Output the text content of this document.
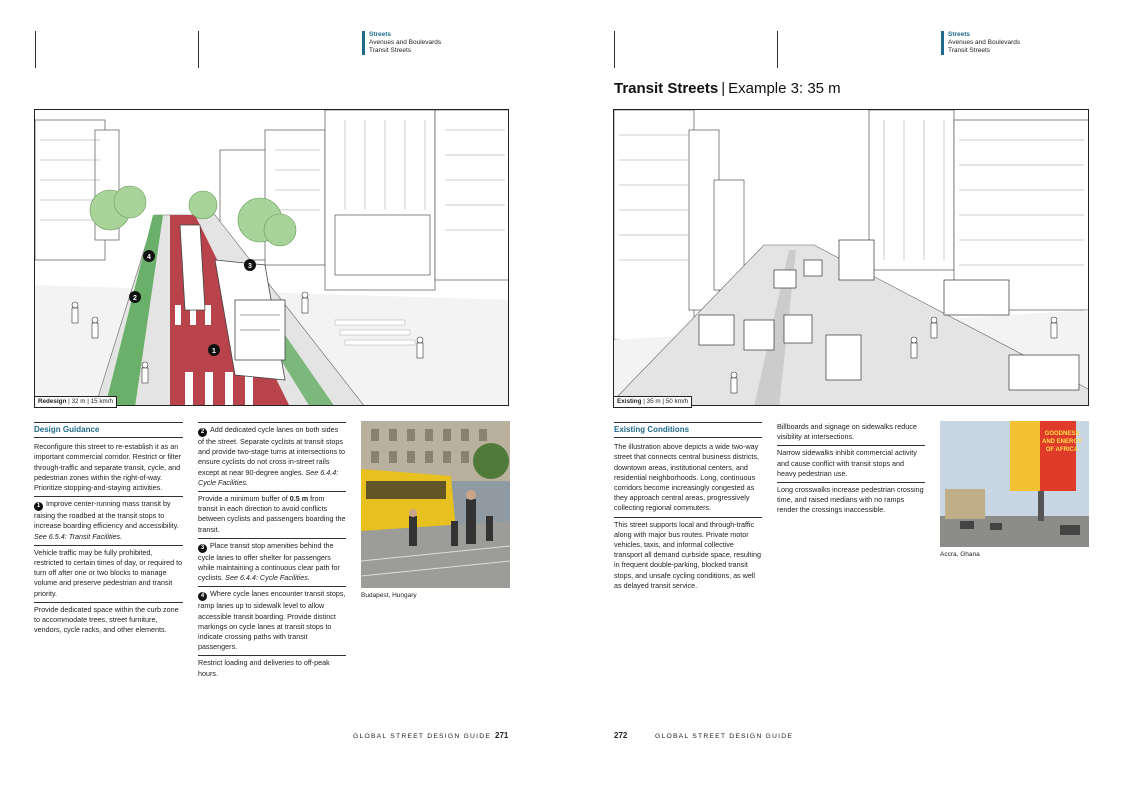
Streets
Avenues and Boulevards
Transit Streets
Streets
Avenues and Boulevards
Transit Streets
Transit Streets | Example 3: 35 m
1
2
3
4
Redesign | 32 m | 15 km/h	Existing | 35 m | 50 km/h
Design Guidance

Reconfigure this street to re-establish it as an important commercial corridor. Restrict or filter through-traffic and separate transit, cycle, and pedestrian zones within the right-of-way. Prioritize stopping-and-staying activities.

1 Improve center-running mass transit by raising the roadbed at the transit stops to increase boarding efficiency and accessibility. See 6.5.4: Transit Facilities.

Vehicle traffic may be fully prohibited, restricted to certain times of day, or required to turn off after one or two blocks to manage volume and preserve pedestrian and transit priority.

Provide dedicated space within the curb zone to accommodate trees, street furniture, vendors, cycle racks, and other elements.

2 Add dedicated cycle lanes on both sides of the street. Separate cyclists at transit stops and provide two-stage turns at intersections to ensure cyclists do not cross in-street rails except at near 90-degree angles. See 6.4.4: Cycle Facilities.
Provide a minimum buffer of 0.5 m from transit in each direction to avoid conflicts between cyclists and passengers boarding the transit.
3 Place transit stop amenities behind the cycle lanes to offer shelter for passengers while maintaining a continuous clear path for cyclists. See 6.4.4: Cycle Facilities.
4 Where cycle lanes encounter transit stops, ramp lanes up to sidewalk level to allow accessible transit boarding. Provide distinct markings on cycle lanes at transit stops to indicate crossing paths with transit passengers.

Restrict loading and deliveries to off-peak hours.

Budapest, Hungary
Existing Conditions

The illustration above depicts a wide two-way street that connects central business districts, downtown areas, institutional centers, and residential neighborhoods. Long, continuous corridors become increasingly congested as they approach central areas, progressively collecting regional commuters.

This street supports local and through-traffic along with major bus routes. Private motor vehicles, taxis, and informal collective transport all demand curbside space, resulting in frequent double-parking, blocked transit stops, and unsafe cycling conditions, as well as delayed transit service.

Billboards and signage on sidewalks reduce visibility at intersections.

Narrow sidewalks inhibit commercial activity and cause conflict with transit stops and heavy pedestrian use.

Long crosswalks increase pedestrian crossing time, and raised medians with no ramps render the crossings inaccessible.

GOODNESS
AND ENERGY
OF AFRICA
Accra, Ghana
GLOBAL STREET DESIGN GUIDE 271	272	GLOBAL STREET DESIGN GUIDE
